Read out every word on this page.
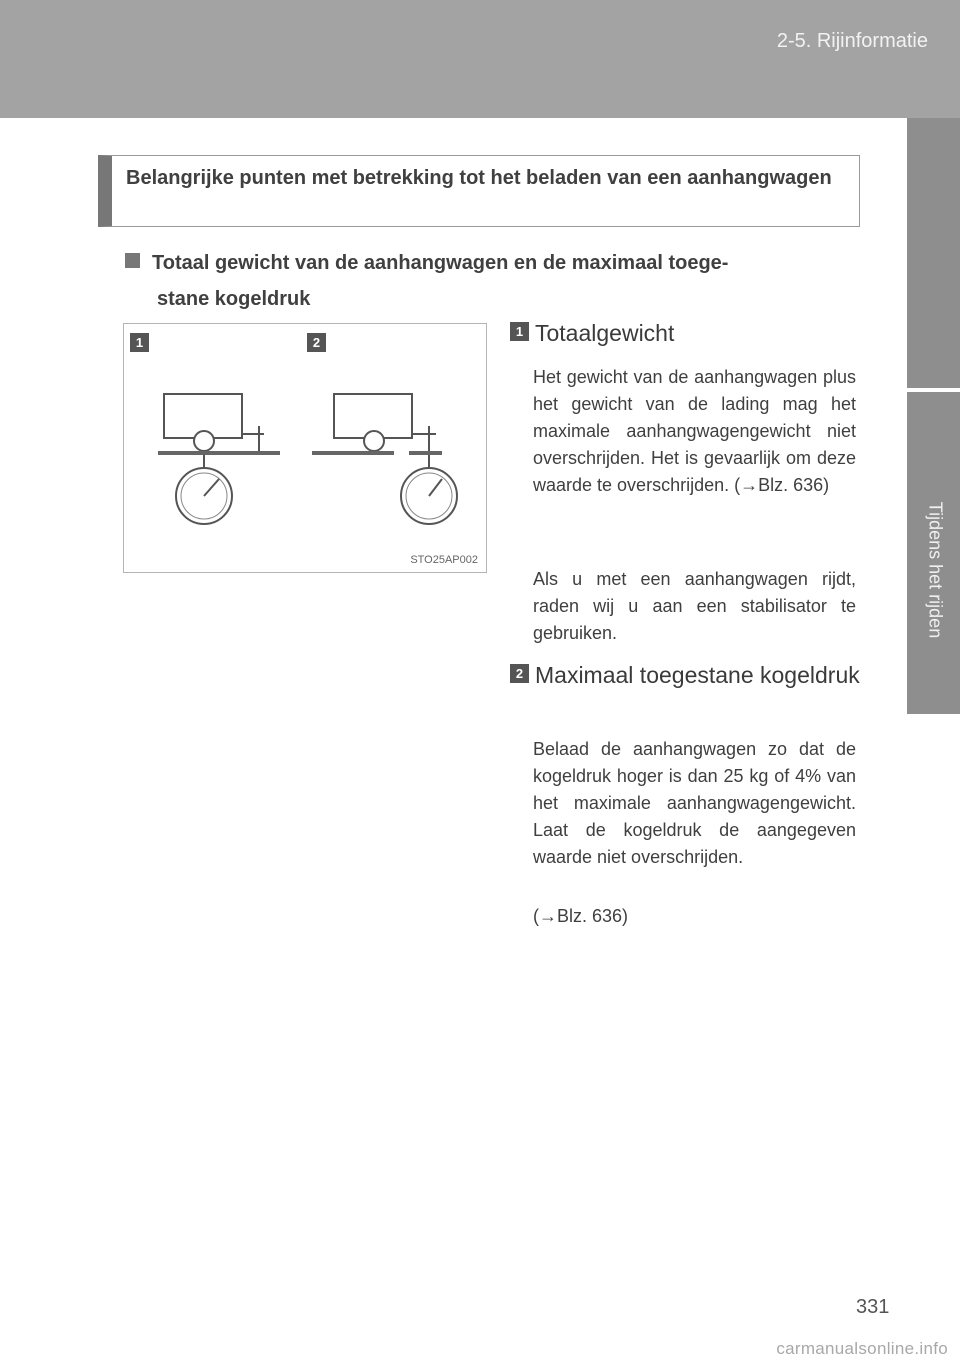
2-5. Rijinformatie
Tijdens het rijden
Belangrijke punten met betrekking tot het beladen van een aanhangwagen
Totaal gewicht van de aanhangwagen en de maximaal toege-
stane kogeldruk
1	2
STO25AP002
1 Totaalgewicht
Het gewicht van de aanhangwagen plus het gewicht van de lading mag het maximale aanhangwagengewicht niet overschrijden. Het is gevaarlijk om deze waarde te overschrijden. (→Blz. 636)
Als u met een aanhangwagen rijdt, raden wij u aan een stabilisator te gebruiken.
2 Maximaal toegestane kogeldruk
Belaad de aanhangwagen zo dat de kogeldruk hoger is dan 25 kg of 4% van het maximale aanhangwagengewicht. Laat de kogeldruk de aangegeven waarde niet overschrijden.
(→Blz. 636)
331
carmanualsonline.info
